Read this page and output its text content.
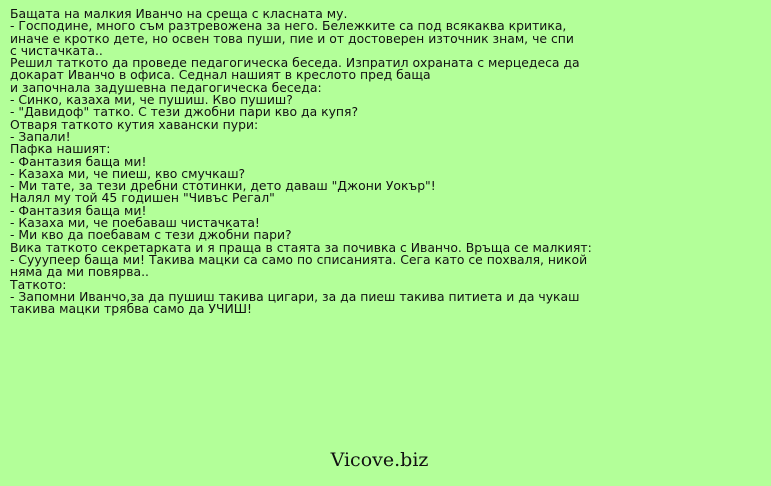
Бащата на малкия Иванчо на среща с класната му.
- Господине, много съм разтревожена за него. Бележките са под всякаква критика,
иначе е кротко дете, но освен това пуши, пие и от достоверен източник знам, че спи
с чистачката..
Решил таткото да проведе педагогическа беседа. Изпратил охраната с мерцедеса да
докарат Иванчо в офиса. Седнал нашият в креслото пред баща
и започнала задушевна педагогическа беседа:
- Синко, казаха ми, че пушиш. Кво пушиш?
- "Давидоф" татко. С тези джобни пари кво да купя?
Отваря таткото кутия хавански пури:
- Запали!
Пафка нашият:
- Фантазия баща ми!
- Казаха ми, че пиеш, кво смучкаш?
- Ми тате, за тези дребни стотинки, дето даваш "Джони Уокър"!
Налял му той 45 годишен "Чивъс Регал"
- Фантазия баща ми!
- Казаха ми, че поебаваш чистачката!
- Ми кво да поебавам с тези джобни пари?
Вика таткото секретарката и я праща в стаята за почивка с Иванчо. Връща се малкият:
- Сууупеер баща ми! Такива мацки са само по списанията. Сега като се похваля, никой
няма да ми повярва..
Таткото:
- Запомни Иванчо,за да пушиш такива цигари, за да пиеш такива питиета и да чукаш
такива мацки трябва само да УЧИШ!
Vicove.biz
